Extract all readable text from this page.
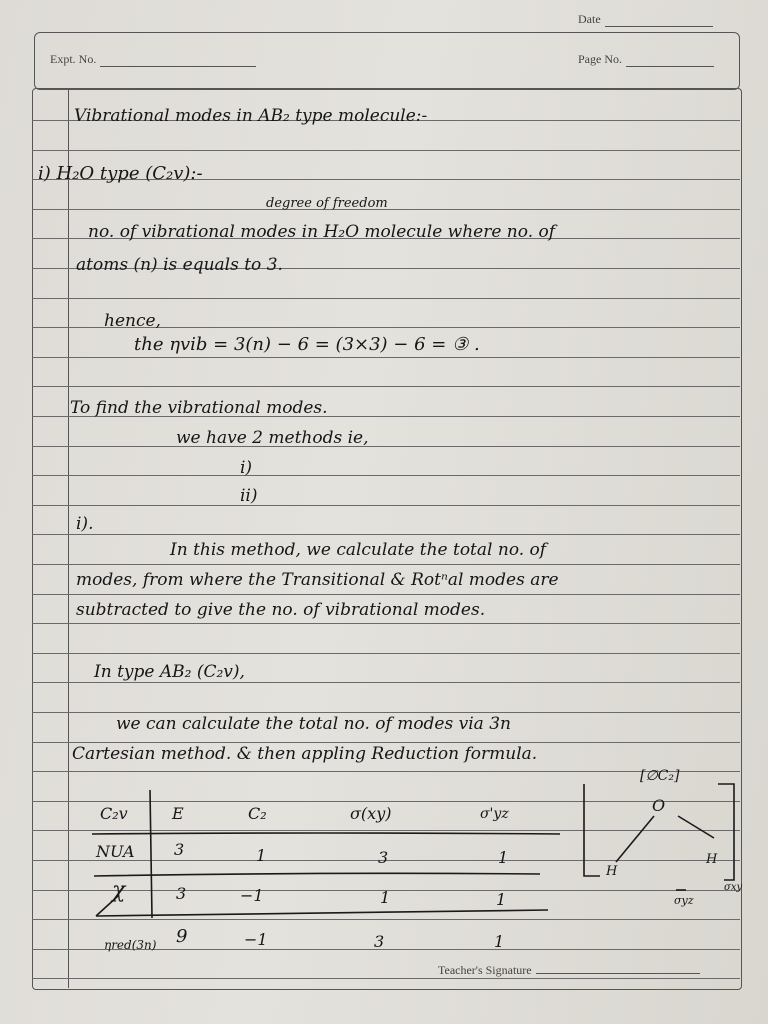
Date
Expt. No.	Page No.
Vibrational modes in AB₂ type molecule:-
i) H₂O type (C₂v):-
degree of freedom
no. of vibrational modes in H₂O molecule where no. of
atoms (n) is equals to 3.
hence,
the ηvib = 3(n) − 6 = (3×3) − 6 = ③ .
To find the vibrational modes.
we have 2 methods ie,
i)
ii)
i).
In this method, we calculate the total no. of
modes, from where the Transitional & Rotⁿal modes are
subtracted to give the no. of vibrational modes.
In type AB₂ (C₂v),
we can calculate the total no. of modes via 3n
Cartesian method. & then appling Reduction formula.
C₂v	E	C₂	σ(xy)	σ'yz
NUA 3	1	3	1
χ	3	−1	1	1
ηred(3n) 9	−1	3	1
[∅C₂]
O
H
H
σyz
σxy
Teacher's Signature
